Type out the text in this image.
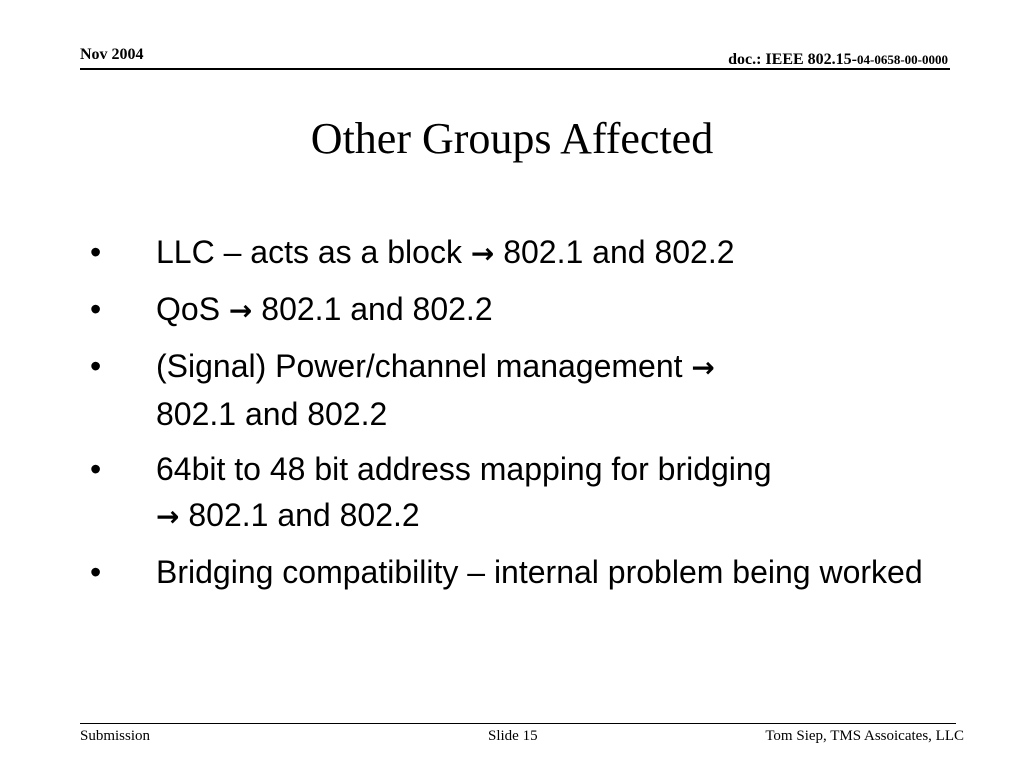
Nov 2004	doc.: IEEE 802.15-04-0658-00-0000
Other Groups Affected
• LLC – acts as a block → 802.1 and 802.2
• QoS → 802.1 and 802.2
• (Signal) Power/channel management →
802.1 and 802.2
• 64bit to 48 bit address mapping for bridging
→ 802.1 and 802.2
• Bridging compatibility – internal problem being worked
Submission	Slide 15	Tom Siep, TMS Assoicates, LLC
